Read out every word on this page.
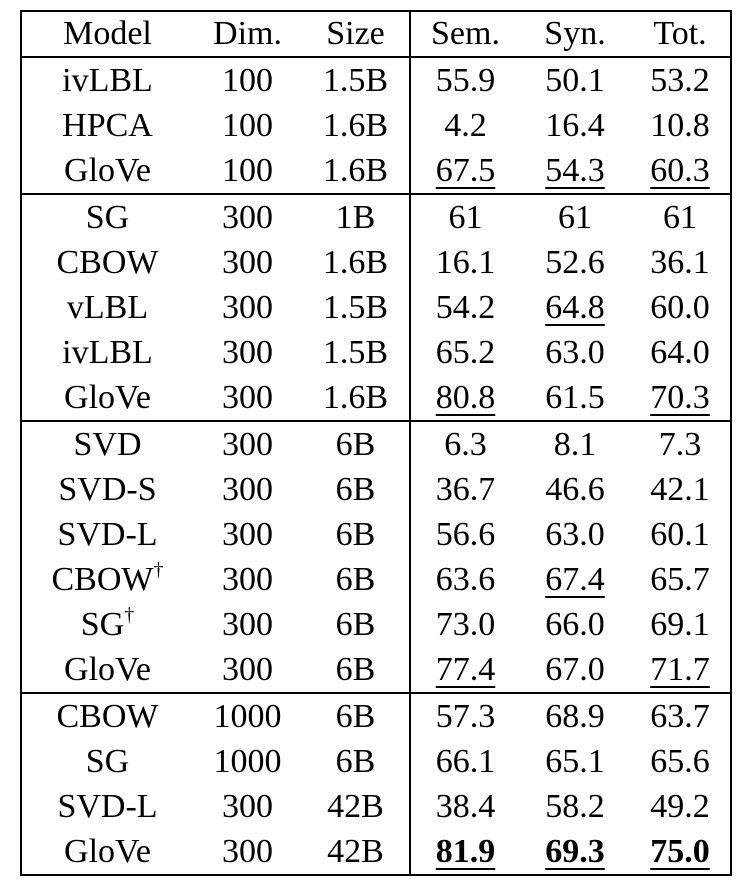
Model	Dim.	Size	Sem.	Syn.	Tot.
ivLBL	100	1.5B	55.9	50.1	53.2
HPCA	100	1.6B	4.2	16.4	10.8
GloVe	100	1.6B	67.5	54.3	60.3
SG	300	1B	61	61	61
CBOW	300	1.6B	16.1	52.6	36.1
vLBL	300	1.5B	54.2	64.8	60.0
ivLBL	300	1.5B	65.2	63.0	64.0
GloVe	300	1.6B	80.8	61.5	70.3
SVD	300	6B	6.3	8.1	7.3
SVD-S	300	6B	36.7	46.6	42.1
SVD-L	300	6B	56.6	63.0	60.1
CBOW†	300	6B	63.6	67.4	65.7
SG†	300	6B	73.0	66.0	69.1
GloVe	300	6B	77.4	67.0	71.7
CBOW	1000	6B	57.3	68.9	63.7
SG	1000	6B	66.1	65.1	65.6
SVD-L	300	42B	38.4	58.2	49.2
GloVe	300	42B	81.9	69.3	75.0
